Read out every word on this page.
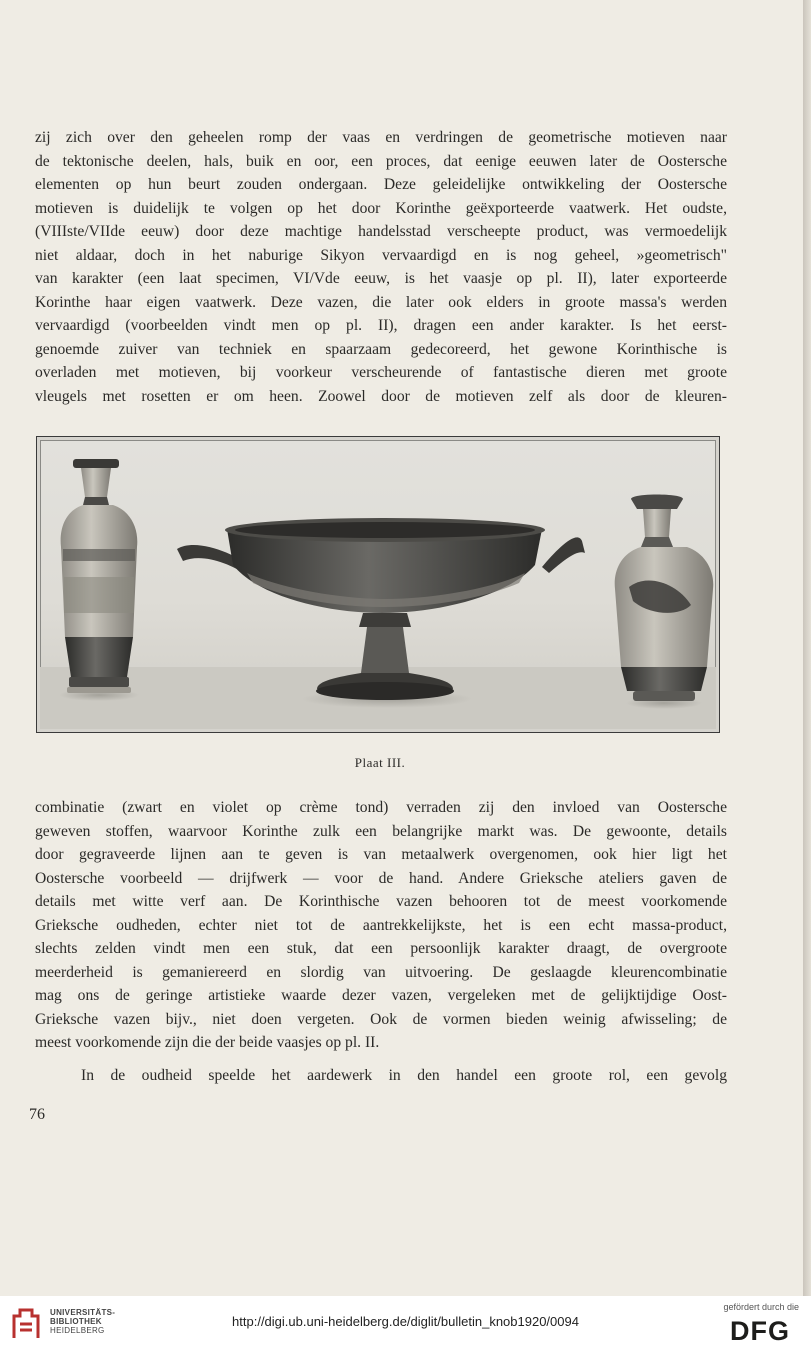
zij zich over den geheelen romp der vaas en verdringen de geometrische motieven naar
de tektonische deelen, hals, buik en oor, een proces, dat eenige eeuwen later de Oostersche
elementen op hun beurt zouden ondergaan. Deze geleidelijke ontwikkeling der Oostersche
motieven is duidelijk te volgen op het door Korinthe geëxporteerde vaatwerk. Het oudste,
(VIIIste/VIIde eeuw) door deze machtige handelsstad verscheepte product, was vermoedelijk
niet aldaar, doch in het naburige Sikyon vervaardigd en is nog geheel, »geometrisch"
van karakter (een laat specimen, VI/Vde eeuw, is het vaasje op pl. II), later exporteerde
Korinthe haar eigen vaatwerk. Deze vazen, die later ook elders in groote massa's werden
vervaardigd (voorbeelden vindt men op pl. II), dragen een ander karakter. Is het eerst-
genoemde zuiver van techniek en spaarzaam gedecoreerd, het gewone Korinthische is
overladen met motieven, bij voorkeur verscheurende of fantastische dieren met groote
vleugels met rosetten er om heen. Zoowel door de motieven zelf als door de kleuren-
Plaat III.
combinatie (zwart en violet op crème tond) verraden zij den invloed van Oostersche
geweven stoffen, waarvoor Korinthe zulk een belangrijke markt was. De gewoonte, details
door gegraveerde lijnen aan te geven is van metaalwerk overgenomen, ook hier ligt het
Oostersche voorbeeld — drijfwerk — voor de hand. Andere Grieksche ateliers gaven de
details met witte verf aan. De Korinthische vazen behooren tot de meest voorkomende
Grieksche oudheden, echter niet tot de aantrekkelijkste, het is een echt massa-product,
slechts zelden vindt men een stuk, dat een persoonlijk karakter draagt, de overgroote
meerderheid is gemaniereerd en slordig van uitvoering. De geslaagde kleurencombinatie
mag ons de geringe artistieke waarde dezer vazen, vergeleken met de gelijktijdige Oost-
Grieksche vazen bijv., niet doen vergeten. Ook de vormen bieden weinig afwisseling; de
meest voorkomende zijn die der beide vaasjes op pl. II.
In de oudheid speelde het aardewerk in den handel een groote rol, een gevolg
76
UNIVERSITÄTS-
BIBLIOTHEK
HEIDELBERG
http://digi.ub.uni-heidelberg.de/diglit/bulletin_knob1920/0094
gefördert durch die
DFG
